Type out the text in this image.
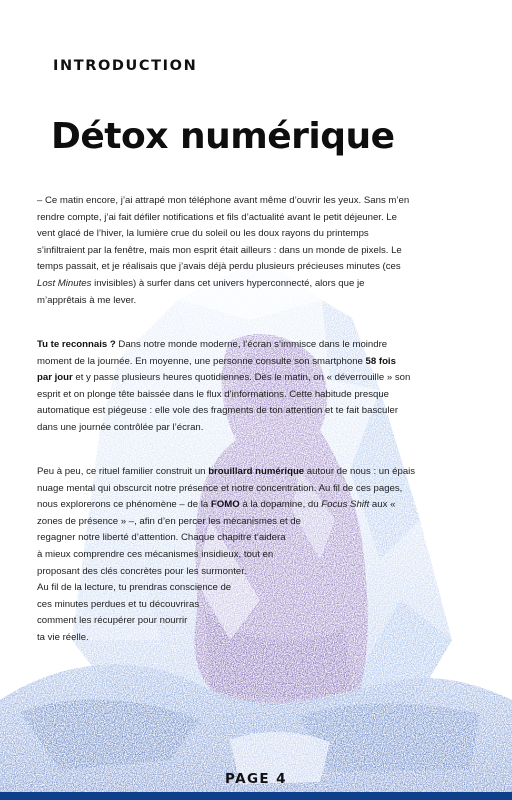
INTRODUCTION
Détox numérique

– Ce matin encore, j’ai attrapé mon téléphone avant même d’ouvrir les yeux. Sans m’en
rendre compte, j’ai fait défiler notifications et fils d’actualité avant le petit déjeuner. Le
vent glacé de l’hiver, la lumière crue du soleil ou les doux rayons du printemps
s’infiltraient par la fenêtre, mais mon esprit était ailleurs : dans un monde de pixels. Le
temps passait, et je réalisais que j’avais déjà perdu plusieurs précieuses minutes (ces
Lost Minutes invisibles) à surfer dans cet univers hyperconnecté, alors que je
m’apprêtais à me lever.

Tu te reconnais ? Dans notre monde moderne, l’écran s’immisce dans le moindre
moment de la journée. En moyenne, une personne consulte son smartphone 58 fois
par jour et y passe plusieurs heures quotidiennes. Dès le matin, on « déverrouille » son
esprit et on plonge tête baissée dans le flux d’informations. Cette habitude presque
automatique est piégeuse : elle vole des fragments de ton attention et te fait basculer
dans une journée contrôlée par l’écran.

Peu à peu, ce rituel familier construit un brouillard numérique autour de nous : un épais
nuage mental qui obscurcit notre présence et notre concentration. Au fil de ces pages,
nous explorerons ce phénomène – de la FOMO à la dopamine, du Focus Shift aux «
zones de présence » –, afin d’en percer les mécanismes et de
regagner notre liberté d’attention. Chaque chapitre t’aidera
à mieux comprendre ces mécanismes insidieux, tout en
proposant des clés concrètes pour les surmonter.
Au fil de la lecture, tu prendras conscience de
ces minutes perdues et tu découvriras
comment les récupérer pour nourrir
ta vie réelle.

PAGE 4
